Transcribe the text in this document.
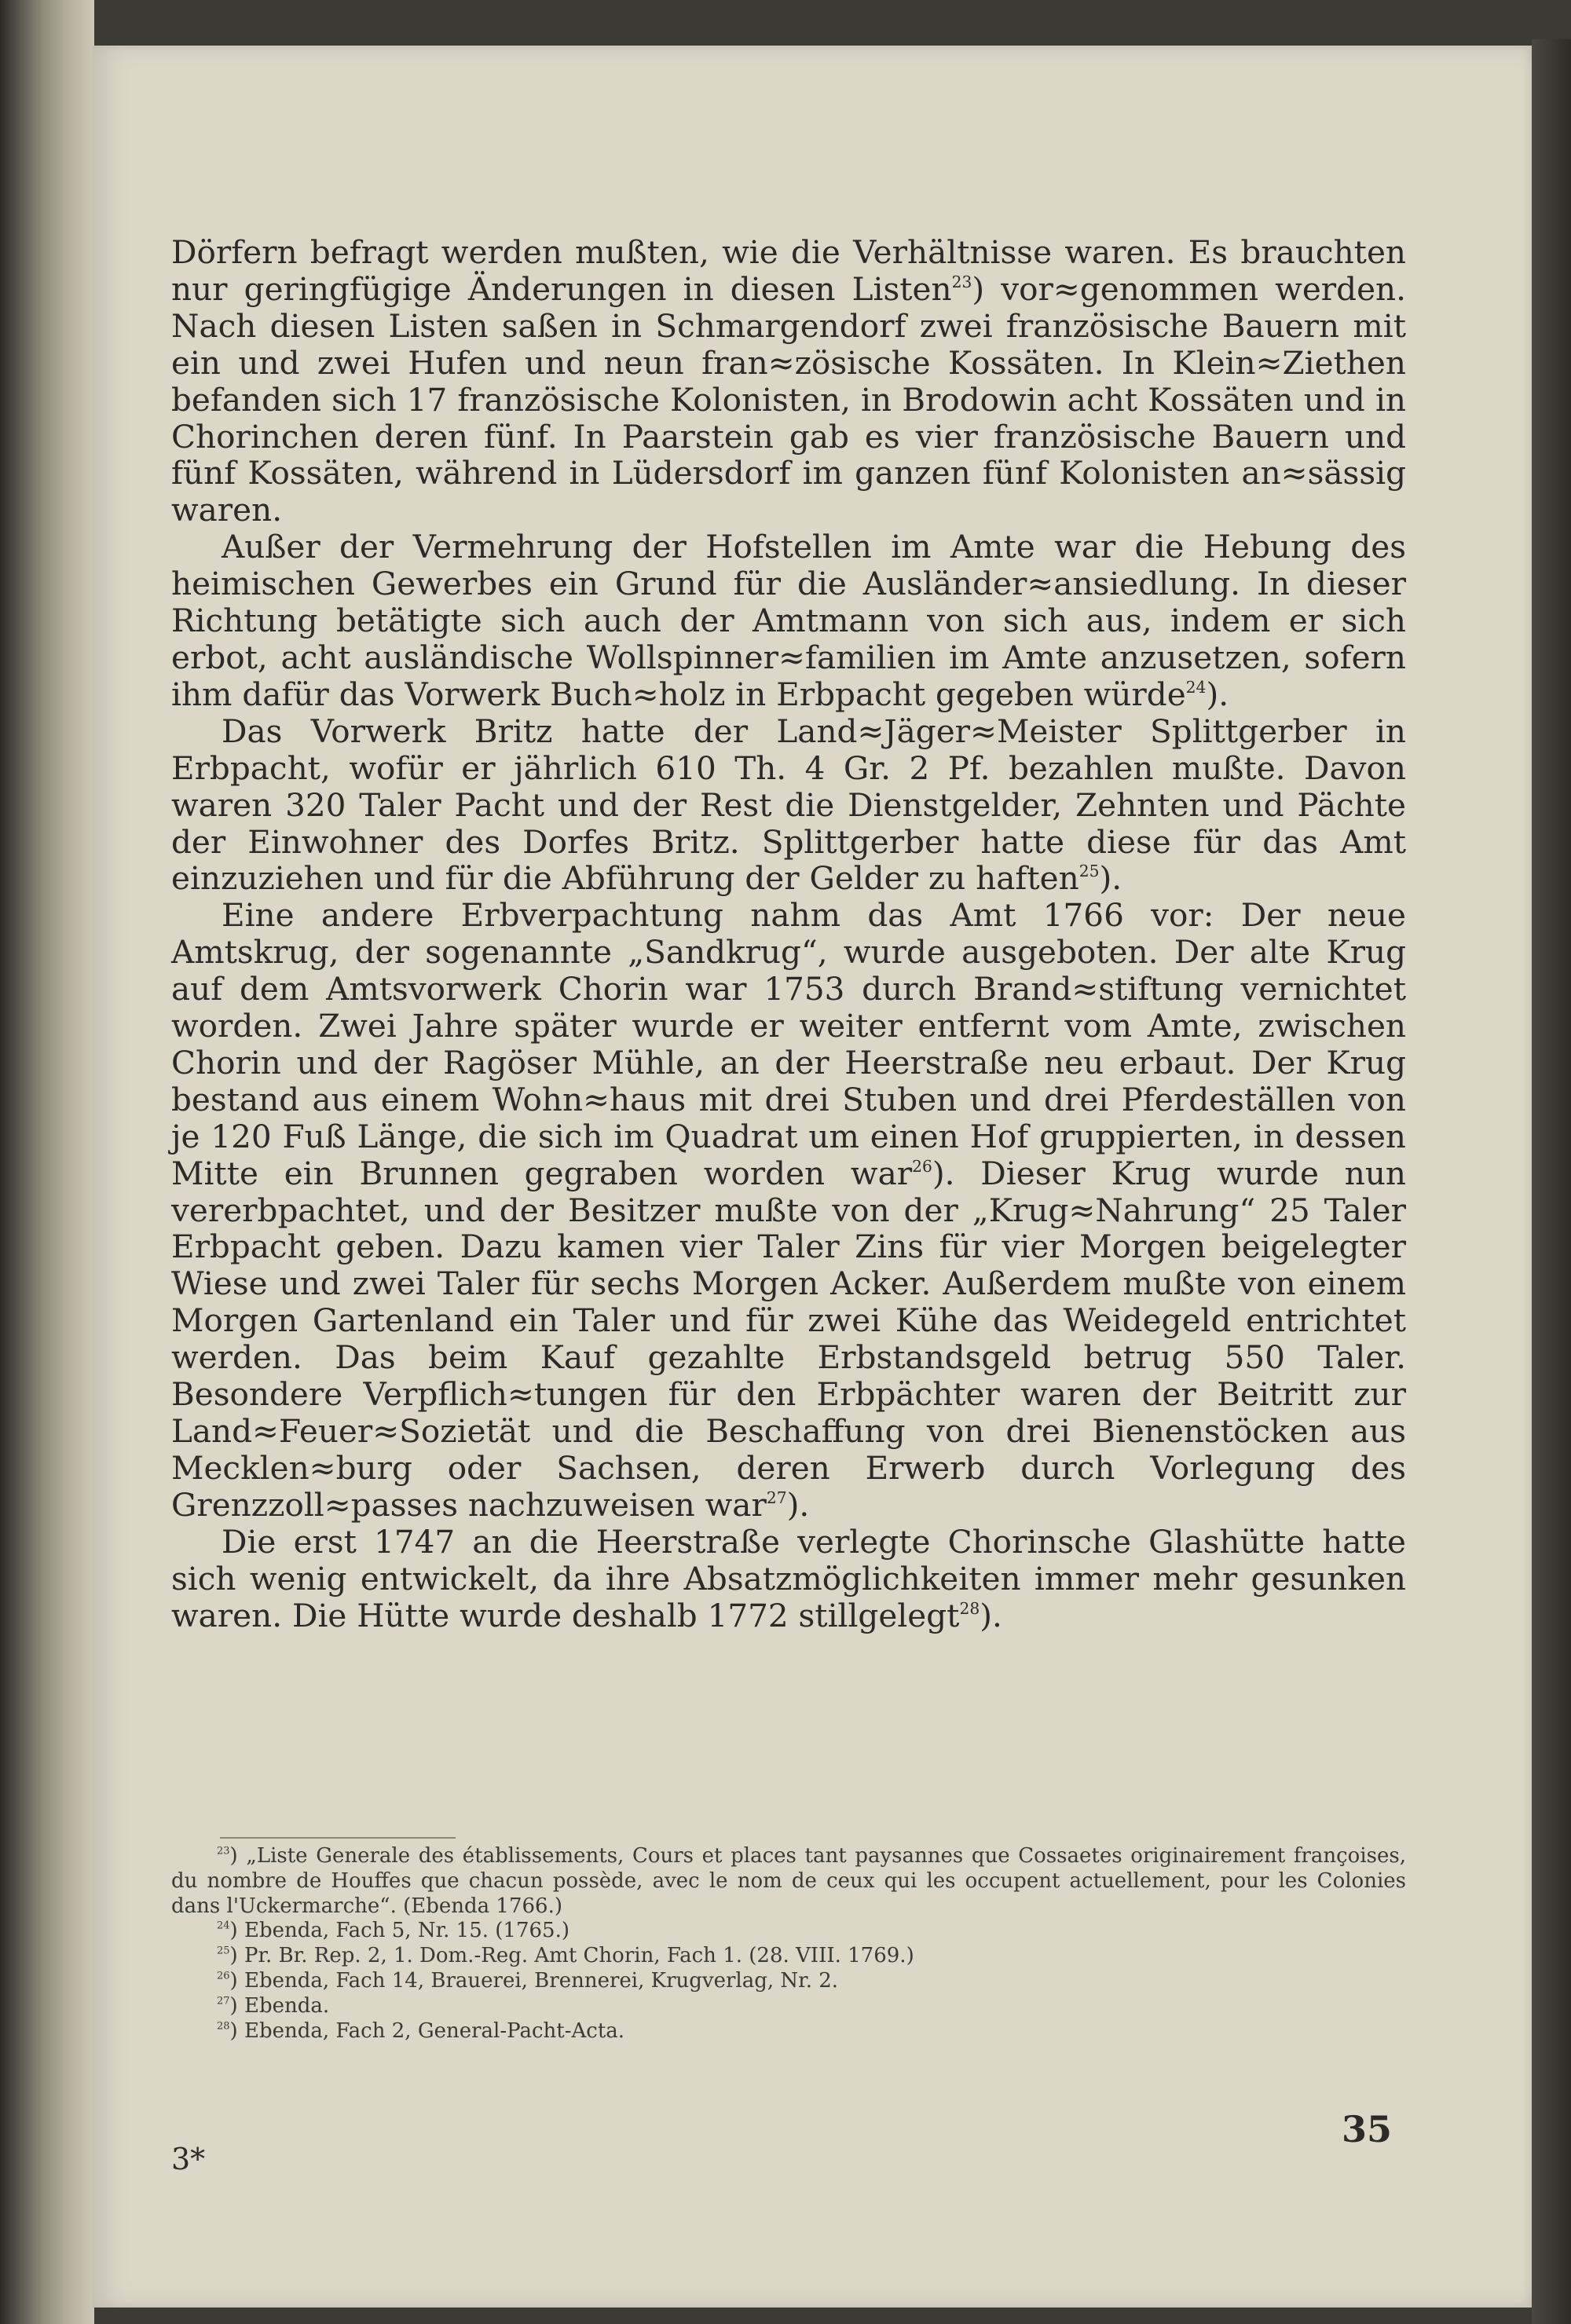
Dörfern befragt werden mußten, wie die Verhältnisse waren. Es brauchten nur geringfügige Änderungen in diesen Listen$^{23}$) vor≈genommen werden. Nach diesen Listen saßen in Schmargendorf zwei französische Bauern mit ein und zwei Hufen und neun fran≈zösische Kossäten. In Klein≈Ziethen befanden sich 17 französische Kolonisten, in Brodowin acht Kossäten und in Chorinchen deren fünf. In Paarstein gab es vier französische Bauern und fünf Kossäten, während in Lüdersdorf im ganzen fünf Kolonisten an≈sässig waren.

Außer der Vermehrung der Hofstellen im Amte war die Hebung des heimischen Gewerbes ein Grund für die Ausländer≈ansiedlung. In dieser Richtung betätigte sich auch der Amtmann von sich aus, indem er sich erbot, acht ausländische Wollspinner≈familien im Amte anzusetzen, sofern ihm dafür das Vorwerk Buch≈holz in Erbpacht gegeben würde$^{24}$).

Das Vorwerk Britz hatte der Land≈Jäger≈Meister Splittgerber in Erbpacht, wofür er jährlich 610 Th. 4 Gr. 2 Pf. bezahlen mußte. Davon waren 320 Taler Pacht und der Rest die Dienstgelder, Zehnten und Pächte der Einwohner des Dorfes Britz. Splittgerber hatte diese für das Amt einzuziehen und für die Abführung der Gelder zu haften$^{25}$).

Eine andere Erbverpachtung nahm das Amt 1766 vor: Der neue Amtskrug, der sogenannte „Sandkrug“, wurde ausgeboten. Der alte Krug auf dem Amtsvorwerk Chorin war 1753 durch Brand≈stiftung vernichtet worden. Zwei Jahre später wurde er weiter entfernt vom Amte, zwischen Chorin und der Ragöser Mühle, an der Heerstraße neu erbaut. Der Krug bestand aus einem Wohn≈haus mit drei Stuben und drei Pferdeställen von je 120 Fuß Länge, die sich im Quadrat um einen Hof gruppierten, in dessen Mitte ein Brunnen gegraben worden war$^{26}$). Dieser Krug wurde nun vererbpachtet, und der Besitzer mußte von der „Krug≈Nahrung“ 25 Taler Erbpacht geben. Dazu kamen vier Taler Zins für vier Morgen beigelegter Wiese und zwei Taler für sechs Morgen Acker. Außerdem mußte von einem Morgen Gartenland ein Taler und für zwei Kühe das Weidegeld entrichtet werden. Das beim Kauf gezahlte Erbstandsgeld betrug 550 Taler. Besondere Verpflich≈tungen für den Erbpächter waren der Beitritt zur Land≈Feuer≈Sozietät und die Beschaffung von drei Bienenstöcken aus Mecklen≈burg oder Sachsen, deren Erwerb durch Vorlegung des Grenzzoll≈passes nachzuweisen war$^{27}$).

Die erst 1747 an die Heerstraße verlegte Chorinsche Glashütte hatte sich wenig entwickelt, da ihre Absatzmöglichkeiten immer mehr gesunken waren. Die Hütte wurde deshalb 1772 stillgelegt$^{28}$).

$^{23}$) „Liste Generale des établissements, Cours et places tant paysannes que Cossaetes originairement françoises, du nombre de Houffes que chacun possède, avec le nom de ceux qui les occupent actuellement, pour les Colonies dans l'Uckermarche“. (Ebenda 1766.)

$^{24}$) Ebenda, Fach 5, Nr. 15. (1765.)

$^{25}$) Pr. Br. Rep. 2, 1. Dom.-Reg. Amt Chorin, Fach 1. (28. VIII. 1769.)

$^{26}$) Ebenda, Fach 14, Brauerei, Brennerei, Krugverlag, Nr. 2.

$^{27}$) Ebenda.

$^{28}$) Ebenda, Fach 2, General-Pacht-Acta.

3*
35
